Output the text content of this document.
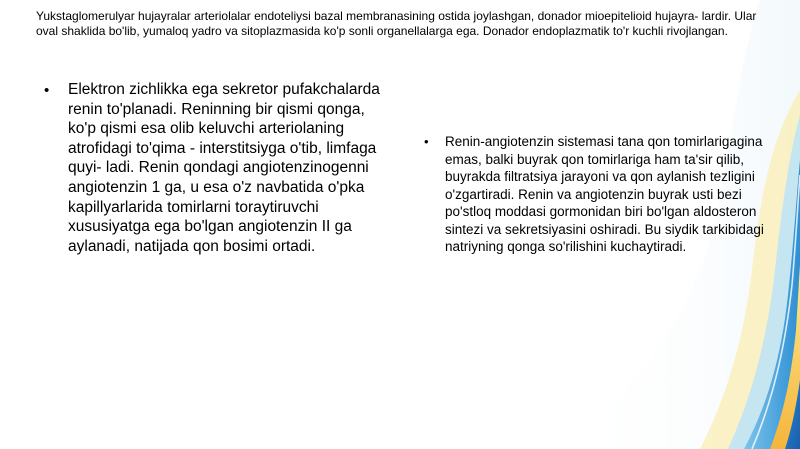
Yukstaglomerulyar hujayralar arteriolalar endoteliysi bazal membranasining ostida joylashgan, donador mioepitelioid hujayra- lardir. Ular oval shaklida bo'lib, yumaloq yadro va sitoplazmasida ko'p sonli organellalarga ega. Donador endoplazmatik to'r kuchli rivojlangan.

•	Elektron zichlikka ega sekretor pufakchalarda renin to'planadi. Reninning bir qismi qonga, ko'p qismi esa olib keluvchi arteriolaning atrofidagi to'qima - interstitsiyga o'tib, limfaga quyi- ladi. Renin qondagi angiotenzinogenni angiotenzin 1 ga, u esa o'z navbatida o'pka kapillyarlarida tomirlarni toraytiruvchi xususiyatga ega bo'lgan angiotenzin II ga aylanadi, natijada qon bosimi ortadi.
•	Renin-angiotenzin sistemasi tana qon tomirlarigagina emas, balki buyrak qon tomirlariga ham ta'sir qilib, buyrakda filtratsiya jarayoni va qon aylanish tezligini o'zgartiradi. Renin va angiotenzin buyrak usti bezi po'stloq moddasi gormonidan biri bo'lgan aldosteron sintezi va sekretsiyasini oshiradi. Bu siydik tarkibidagi natriyning qonga so'rilishini kuchaytiradi.
